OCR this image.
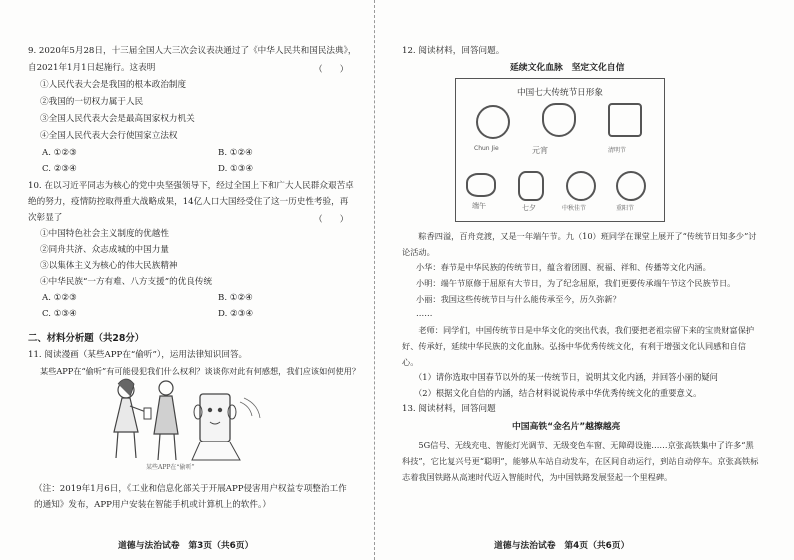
9. 2020年5月28日，十三届全国人大三次会议表决通过了《中华人民共和国民法典》，
自2021年1月1日起施行。这表明	（　　）
①人民代表大会是我国的根本政治制度
②我国的一切权力属于人民
③全国人民代表大会是最高国家权力机关
④全国人民代表大会行使国家立法权
A. ①②③	B. ①②④
C. ②③④	D. ①③④
10. 在以习近平同志为核心的党中央坚强领导下，经过全国上下和广大人民群众艰苦卓
绝的努力，疫情防控取得重大战略成果，14亿人口大国经受住了这一历史性考验，再
次彰显了	（　　）
①中国特色社会主义制度的优越性
②同舟共济、众志成城的中国力量
③以集体主义为核心的伟大民族精神
④中华民族“一方有难、八方支援”的优良传统
A. ①②③	B. ①②④
C. ①③④	D. ②③④
二、材料分析题（共28分）
11. 阅读漫画（某些APP在“偷听”），运用法律知识回答。
某些APP在“偷听”有可能侵犯我们什么权利？谈谈你对此有何感想，我们应该如何使用？
某些APP在“偷听”
（注：2019年1月6日，《工业和信息化部关于开展APP侵害用户权益专项整治工作
的通知》发布，APP用户安装在智能手机或计算机上的软件。）
道德与法治试卷　第3页（共6页）
12. 阅读材料，回答问题。
延续文化血脉　坚定文化自信
中国七大传统节日形象
Chun Jie	元宵	清明节
端午	七夕	中秋佳节	重阳节
粽香四溢，百舟竞渡，又是一年端午节。九（10）班同学在课堂上展开了“传统节日知多少”讨论活动。
小华：春节是中华民族的传统节日，蕴含着团圆、祝福、祥和、传播等文化内涵。
小明：端午节原修于屈原有大节日，为了纪念屈原，我们更要传承端午节这个民族节日。
小丽：我国这些传统节日与什么能传承至今，历久弥新？
……
老师：同学们，中国传统节日是中华文化的突出代表，我们要把老祖宗留下来的宝贵财富保护好、传承好，延续中华民族的文化血脉。弘扬中华优秀传统文化，有利于增强文化认同感和自信心。
（1）请你选取中国春节以外的某一传统节日，说明其文化内涵，并回答小丽的疑问
（2）根据文化自信的内涵，结合材料说说传承中华优秀传统文化的重要意义。
13. 阅读材料，回答问题
中国高铁“金名片”越擦越亮
5G信号、无线充电、智能灯光调节、无级变色车窗、无障碍设施……京张高铁集中了许多“黑科技”，它比复兴号更“聪明”，能够从车站自动发车，在区间自动运行，到站自动停车。京张高铁标志着我国铁路从高速时代迈入智能时代，为中国铁路发展竖起一个里程碑。
道德与法治试卷　第4页（共6页）
